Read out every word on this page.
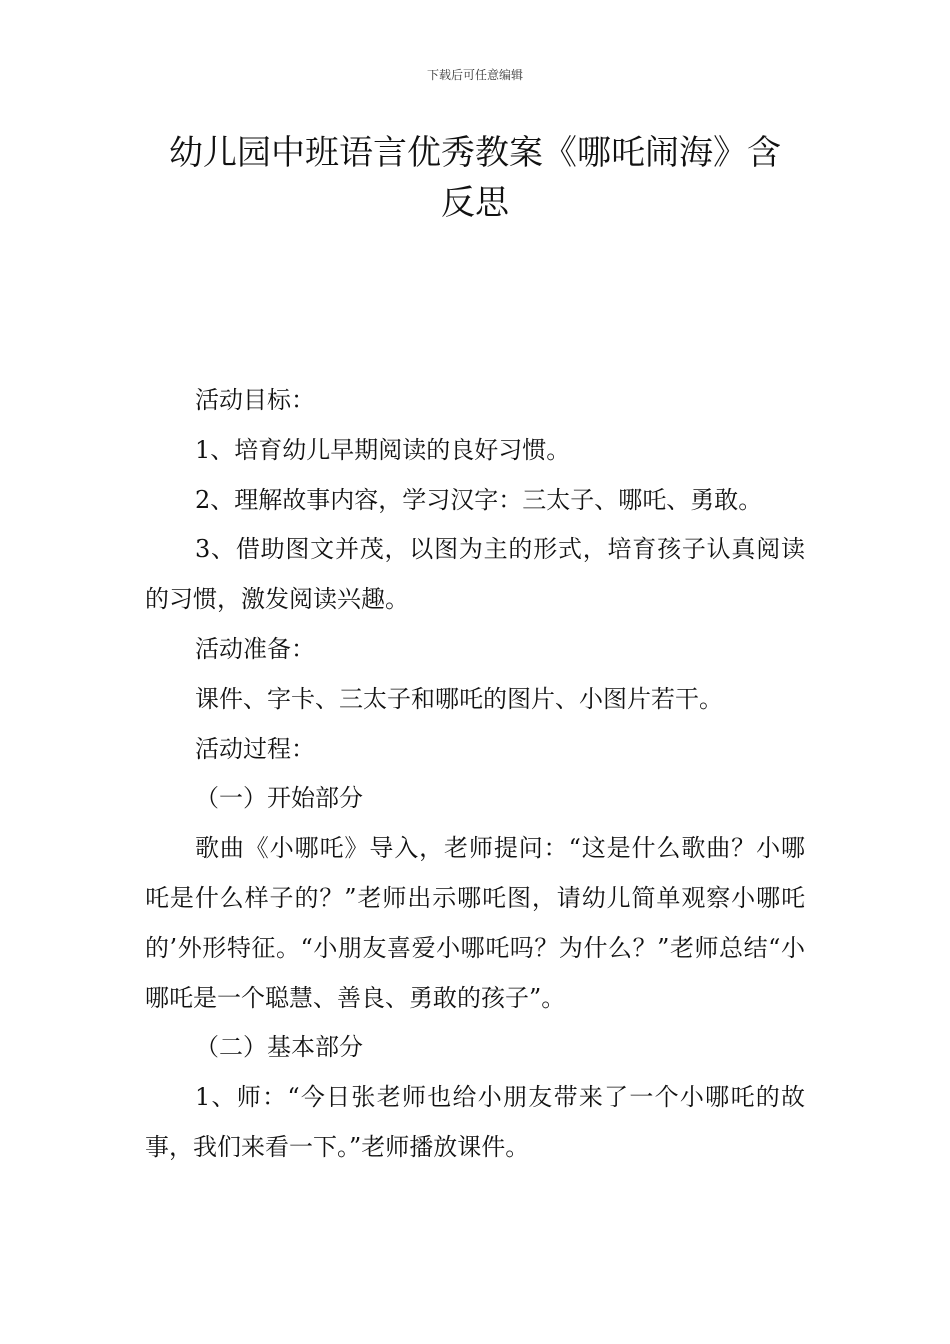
下载后可任意编辑
幼儿园中班语言优秀教案《哪吒闹海》含
反思

活动目标：

1、培育幼儿早期阅读的良好习惯。

2、理解故事内容，学习汉字：三太子、哪吒、勇敢。

3、借助图文并茂，以图为主的形式，培育孩子认真阅读的习惯，激发阅读兴趣。

活动准备：

课件、字卡、三太子和哪吒的图片、小图片若干。

活动过程：

（一）开始部分

歌曲《小哪吒》导入，老师提问：“这是什么歌曲？小哪吒是什么样子的？”老师出示哪吒图，请幼儿简单观察小哪吒的’外形特征。“小朋友喜爱小哪吒吗？为什么？”老师总结“小哪吒是一个聪慧、善良、勇敢的孩子”。

（二）基本部分

1、师：“今日张老师也给小朋友带来了一个小哪吒的故事，我们来看一下。”老师播放课件。
